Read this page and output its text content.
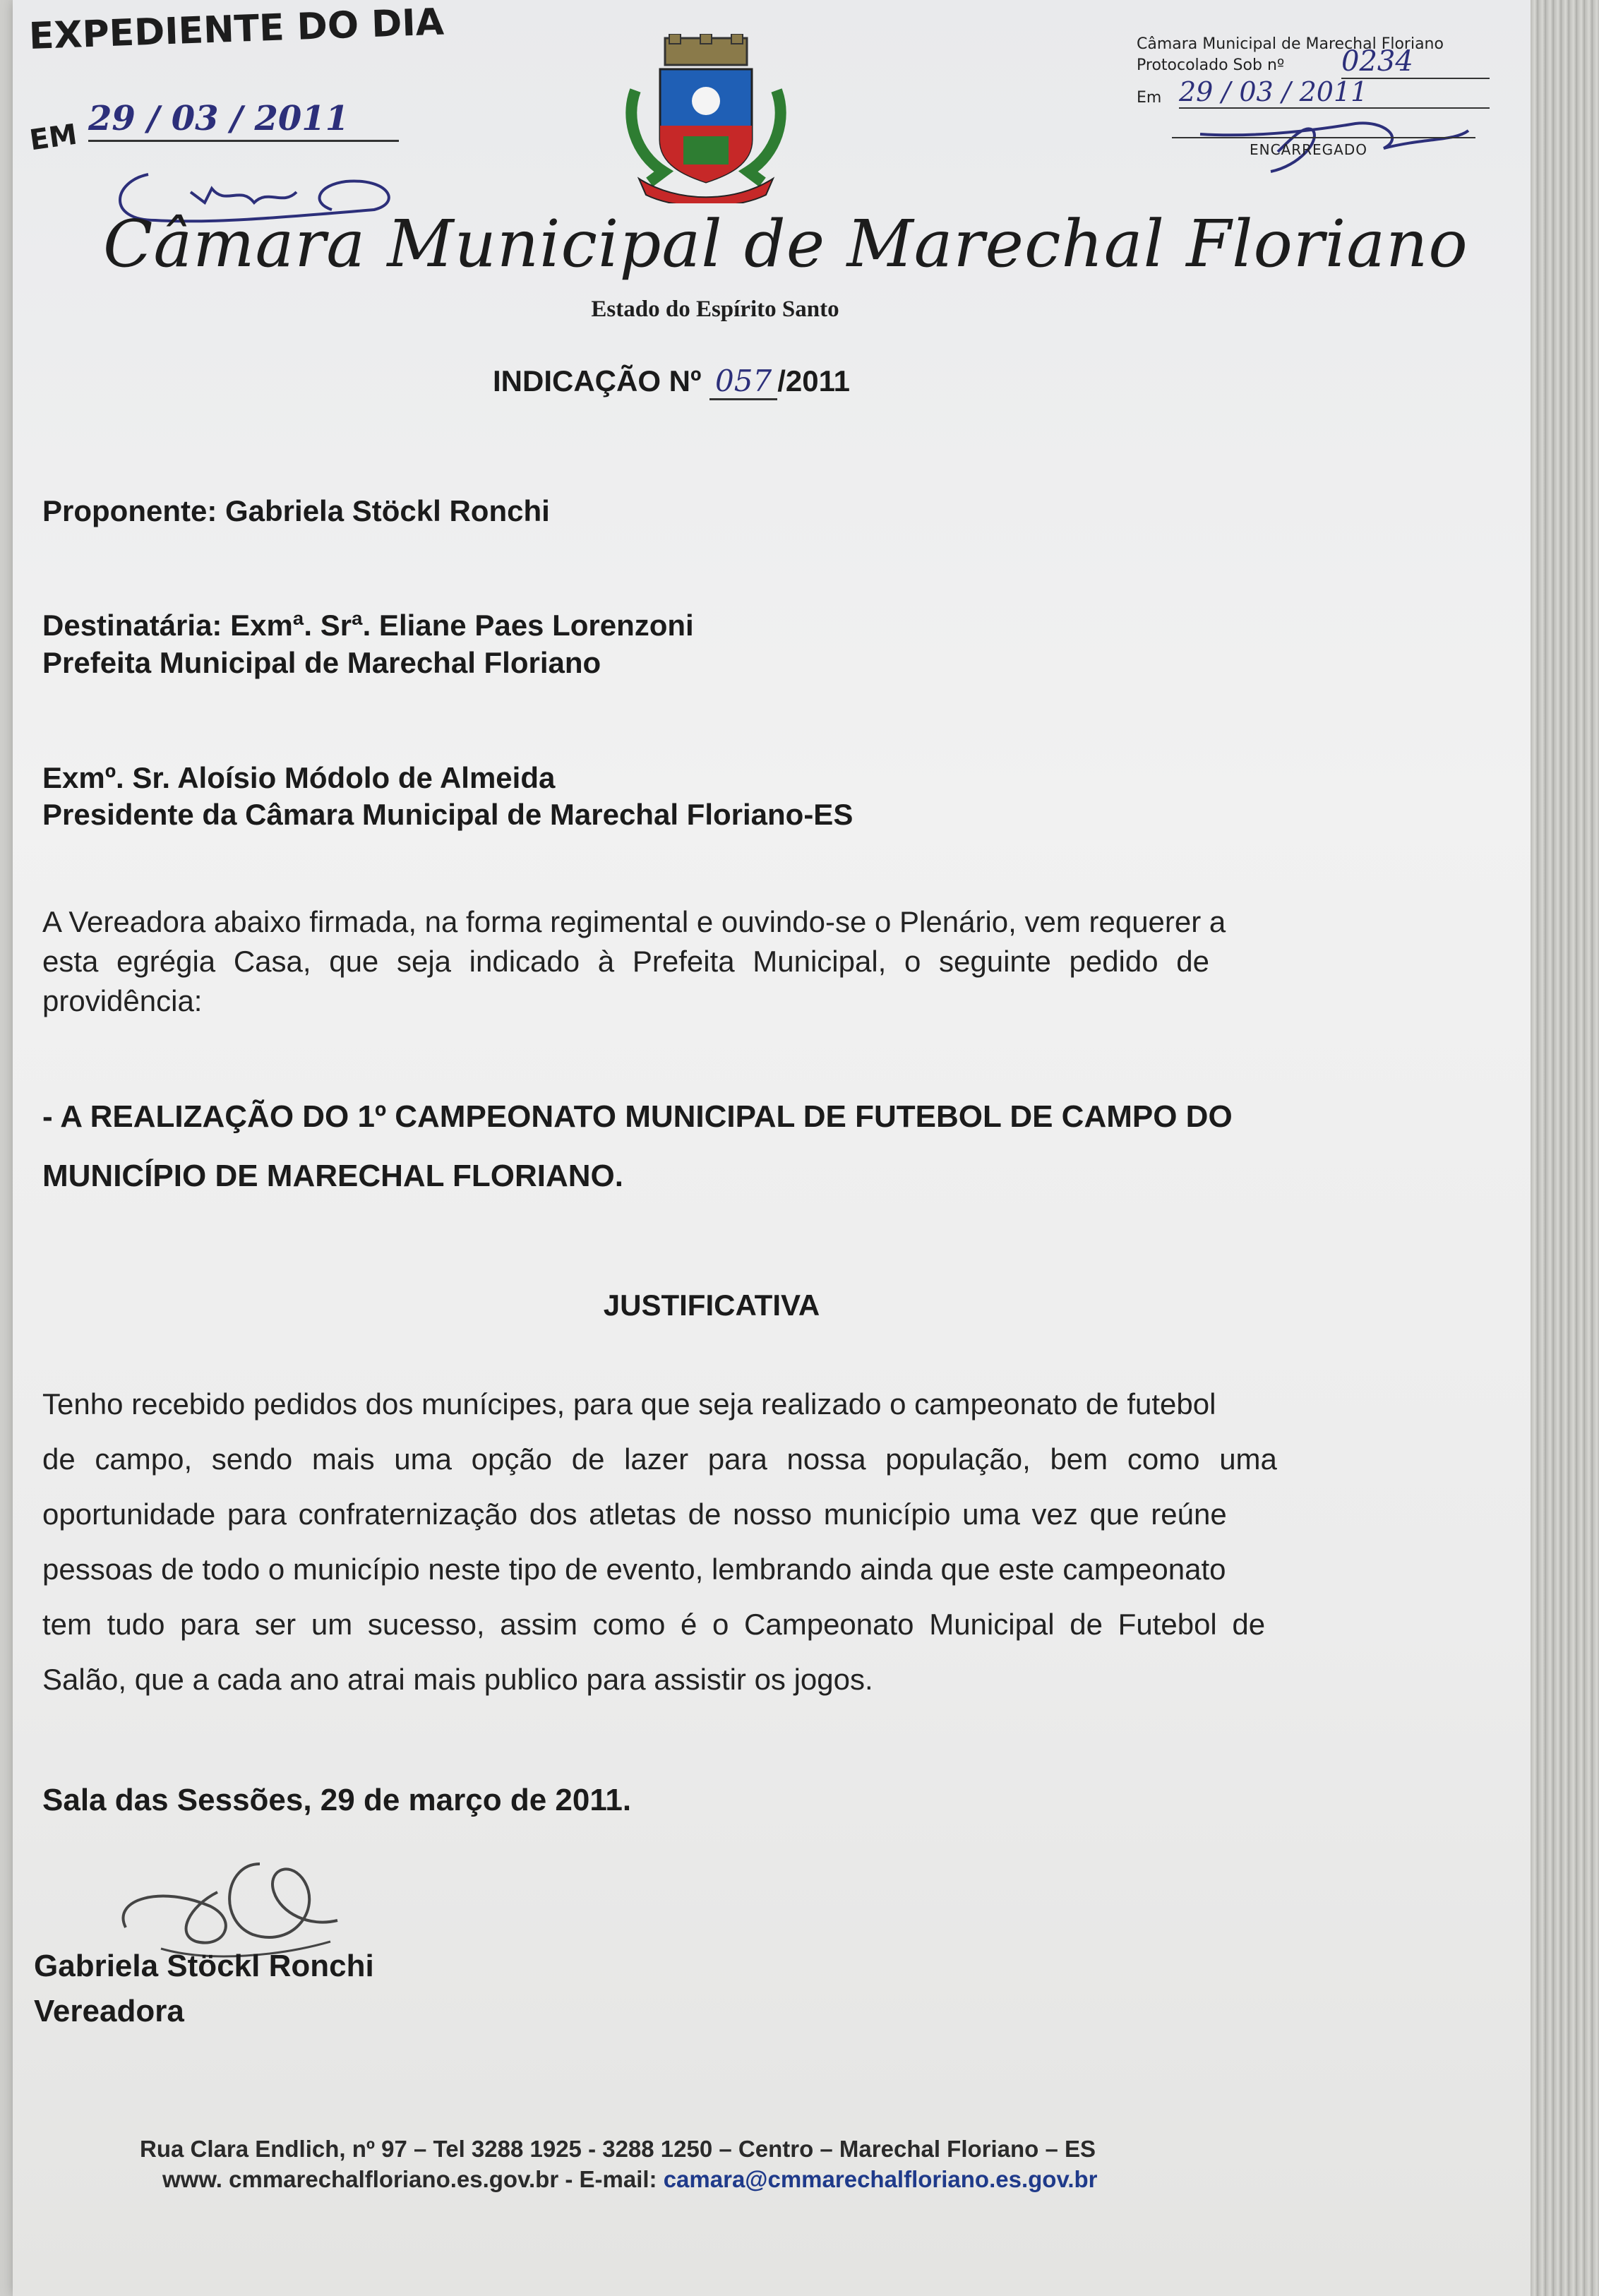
EXPEDIENTE DO DIA
EM 29 / 03 / 2011
Câmara Municipal de Marechal Floriano
Protocolado Sob nº 0234
Em 29 / 03 / 2011
ENCARREGADO
Câmara Municipal de Marechal Floriano
Estado do Espírito Santo
INDICAÇÃO Nº 057 /2011
Proponente: Gabriela Stöckl Ronchi
Destinatária: Exmª. Srª. Eliane Paes Lorenzoni
Prefeita Municipal de Marechal Floriano
Exmº. Sr. Aloísio Módolo de Almeida
Presidente da Câmara Municipal de Marechal Floriano-ES
A Vereadora abaixo firmada, na forma regimental e ouvindo-se o Plenário, vem requerer a
esta egrégia Casa, que seja indicado à Prefeita Municipal, o seguinte pedido de
providência:
- A REALIZAÇÃO DO 1º CAMPEONATO MUNICIPAL DE FUTEBOL DE CAMPO DO
MUNICÍPIO DE MARECHAL FLORIANO.
JUSTIFICATIVA
Tenho recebido pedidos dos munícipes, para que seja realizado o campeonato de futebol
de campo, sendo mais uma opção de lazer para nossa população, bem como uma
oportunidade para confraternização dos atletas de nosso município uma vez que reúne
pessoas de todo o município neste tipo de evento, lembrando ainda que este campeonato
tem tudo para ser um sucesso, assim como é o Campeonato Municipal de Futebol de
Salão, que a cada ano atrai mais publico para assistir os jogos.
Sala das Sessões, 29 de março de 2011.
Gabriela Stöckl Ronchi
Vereadora
Rua Clara Endlich, nº 97 – Tel 3288 1925 - 3288 1250 – Centro – Marechal Floriano – ES
www. cmmarechalfloriano.es.gov.br - E-mail: camara@cmmarechalfloriano.es.gov.br
